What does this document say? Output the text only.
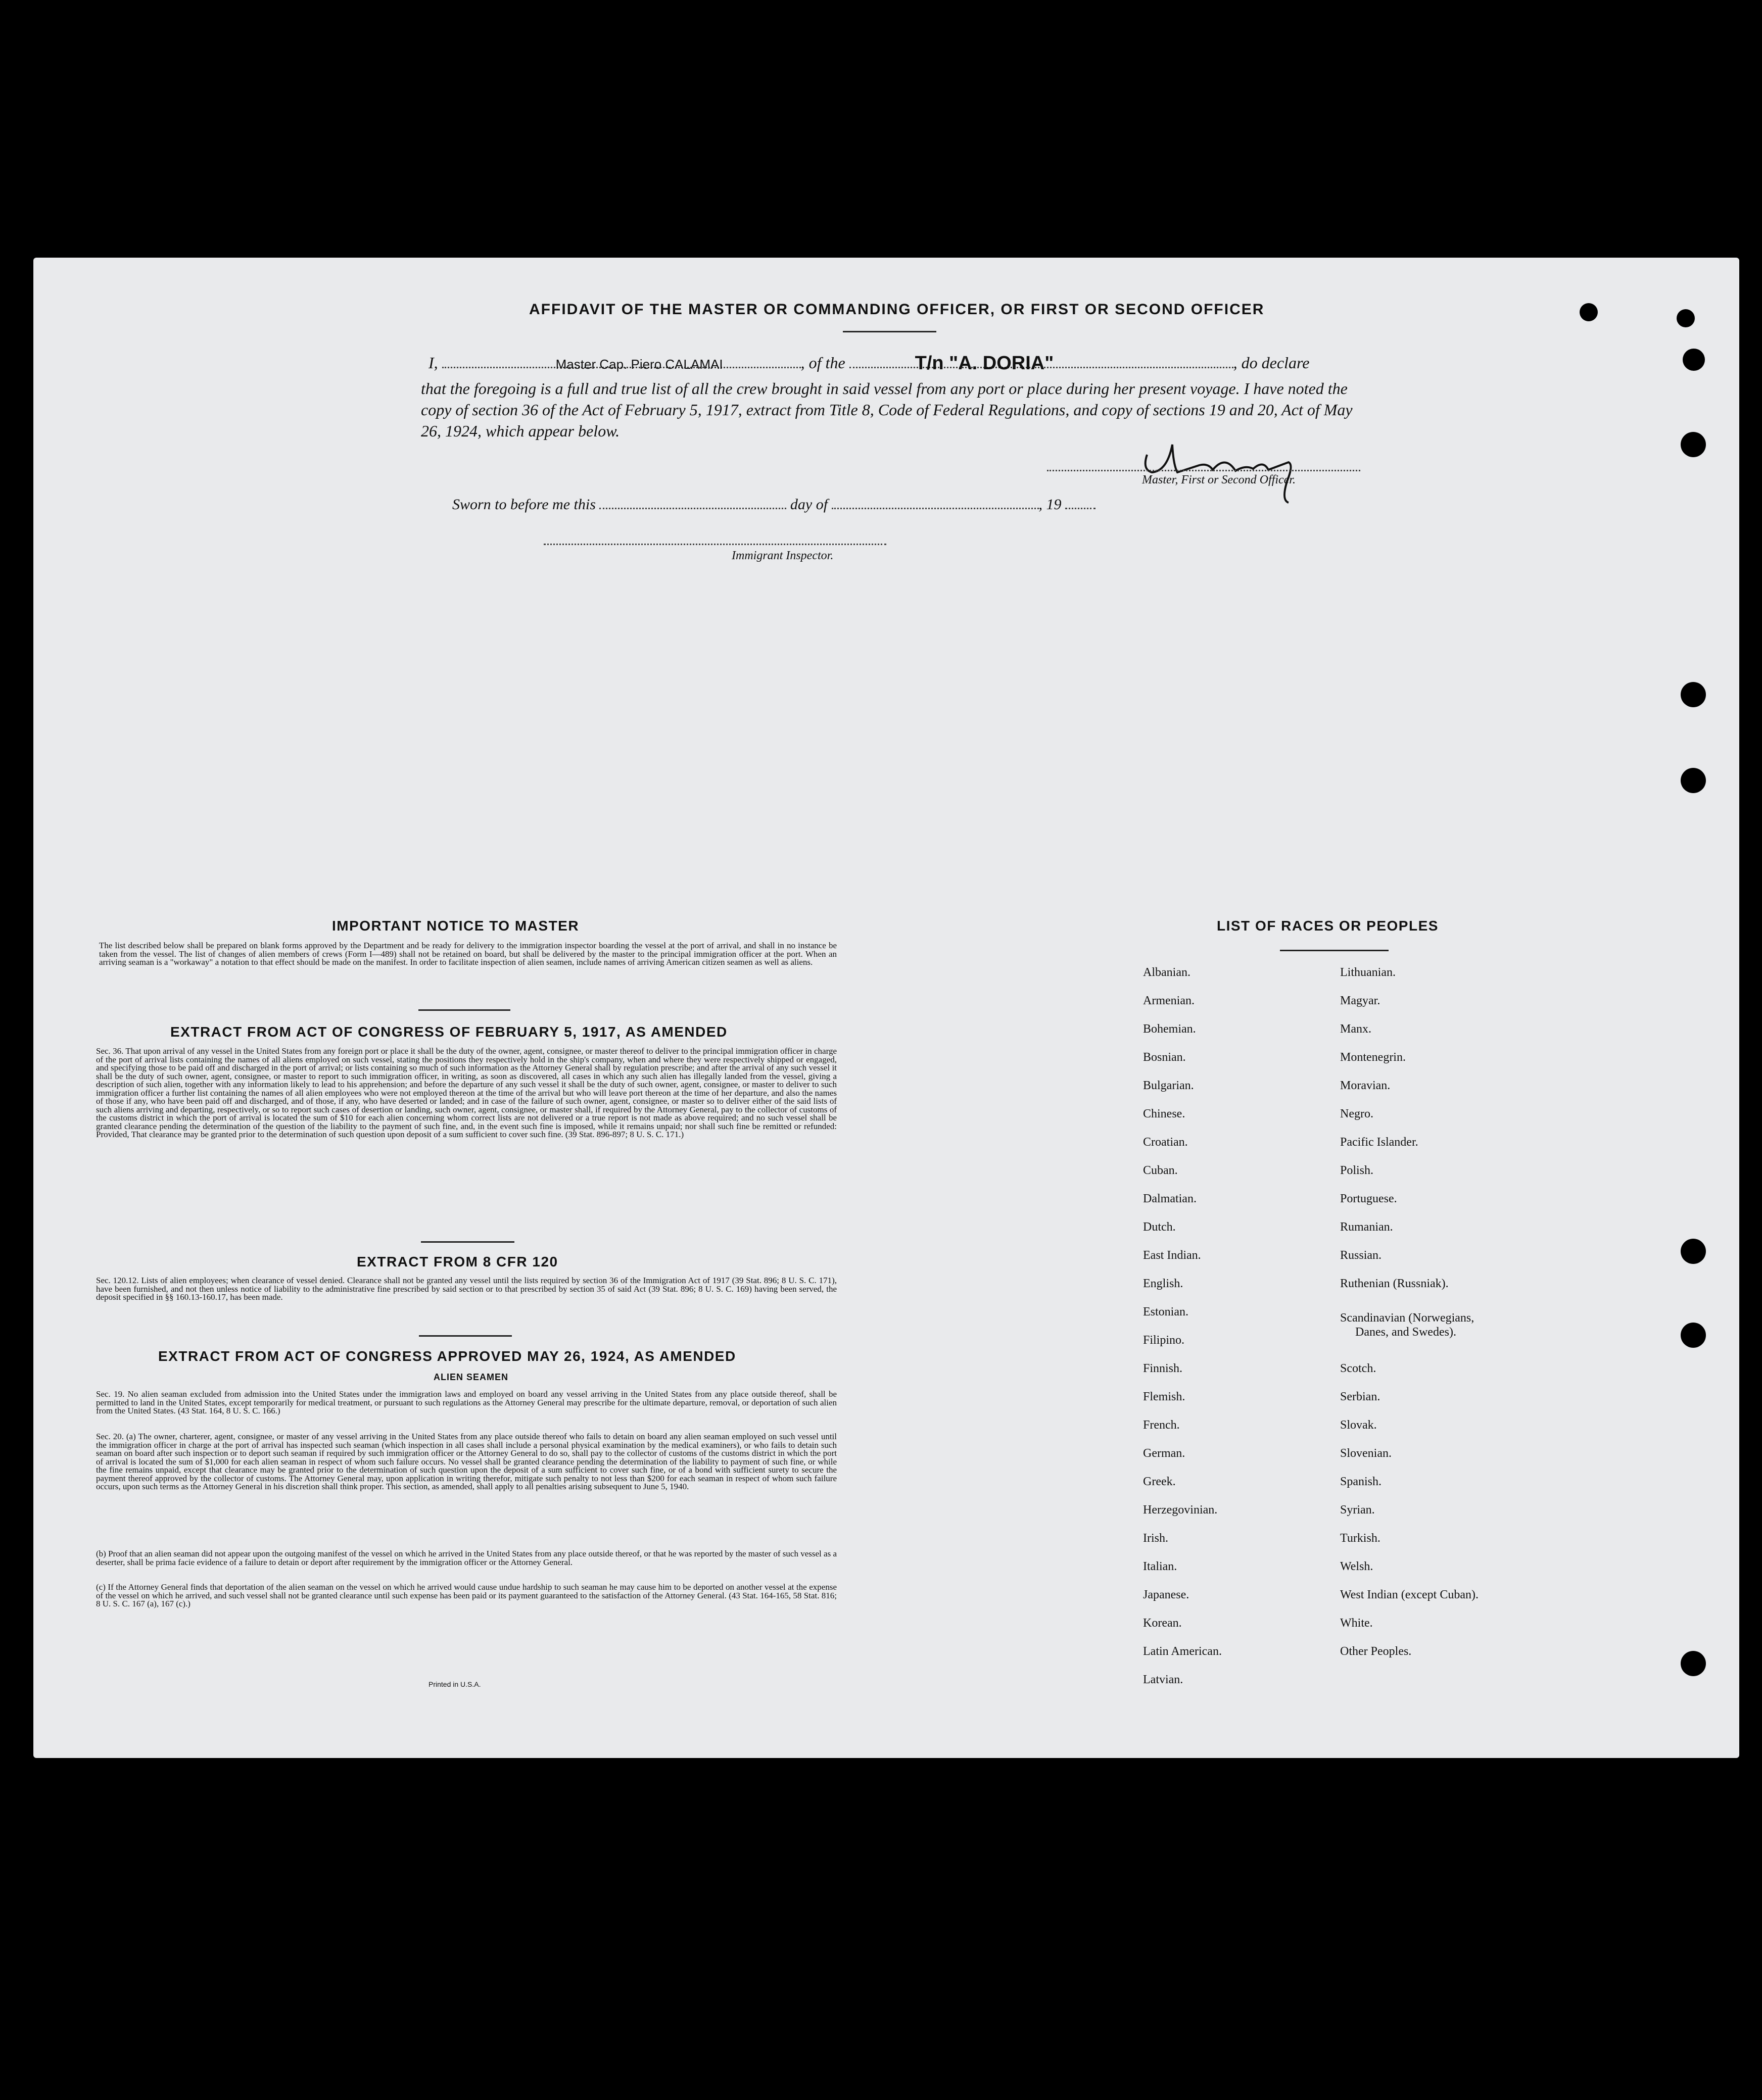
AFFIDAVIT OF THE MASTER OR COMMANDING OFFICER, OR FIRST OR SECOND OFFICER
I,	Master Cap. Piero CALAMAI	, of the	T/n "A. DORIA"	, do declare
that the foregoing is a full and true list of all the crew brought in said vessel from any port or place during her present voyage. I have noted the copy of section 36 of the Act of February 5, 1917, extract from Title 8, Code of Federal Regulations, and copy of sections 19 and 20, Act of May 26, 1924, which appear below.
Master, First or Second Officer.
Sworn to before me this	day of	, 19
Immigrant Inspector.
IMPORTANT NOTICE TO MASTER
The list described below shall be prepared on blank forms approved by the Department and be ready for delivery to the immigration inspector boarding the vessel at the port of arrival, and shall in no instance be taken from the vessel. The list of changes of alien members of crews (Form I—489) shall not be retained on board, but shall be delivered by the master to the principal immigration officer at the port. When an arriving seaman is a "workaway" a notation to that effect should be made on the manifest. In order to facilitate inspection of alien seamen, include names of arriving American citizen seamen as well as aliens.
EXTRACT FROM ACT OF CONGRESS OF FEBRUARY 5, 1917, AS AMENDED
Sec. 36. That upon arrival of any vessel in the United States from any foreign port or place it shall be the duty of the owner, agent, consignee, or master thereof to deliver to the principal immigration officer in charge of the port of arrival lists containing the names of all aliens employed on such vessel, stating the positions they respectively hold in the ship's company, when and where they were respectively shipped or engaged, and specifying those to be paid off and discharged in the port of arrival; or lists containing so much of such information as the Attorney General shall by regulation prescribe; and after the arrival of any such vessel it shall be the duty of such owner, agent, consignee, or master to report to such immigration officer, in writing, as soon as discovered, all cases in which any such alien has illegally landed from the vessel, giving a description of such alien, together with any information likely to lead to his apprehension; and before the departure of any such vessel it shall be the duty of such owner, agent, consignee, or master to deliver to such immigration officer a further list containing the names of all alien employees who were not employed thereon at the time of the arrival but who will leave port thereon at the time of her departure, and also the names of those if any, who have been paid off and discharged, and of those, if any, who have deserted or landed; and in case of the failure of such owner, agent, consignee, or master so to deliver either of the said lists of such aliens arriving and departing, respectively, or so to report such cases of desertion or landing, such owner, agent, consignee, or master shall, if required by the Attorney General, pay to the collector of customs of the customs district in which the port of arrival is located the sum of $10 for each alien concerning whom correct lists are not delivered or a true report is not made as above required; and no such vessel shall be granted clearance pending the determination of the question of the liability to the payment of such fine, and, in the event such fine is imposed, while it remains unpaid; nor shall such fine be remitted or refunded: Provided, That clearance may be granted prior to the determination of such question upon deposit of a sum sufficient to cover such fine. (39 Stat. 896-897; 8 U. S. C. 171.)
EXTRACT FROM 8 CFR 120
Sec. 120.12. Lists of alien employees; when clearance of vessel denied. Clearance shall not be granted any vessel until the lists required by section 36 of the Immigration Act of 1917 (39 Stat. 896; 8 U. S. C. 171), have been furnished, and not then unless notice of liability to the administrative fine prescribed by said section or to that prescribed by section 35 of said Act (39 Stat. 896; 8 U. S. C. 169) having been served, the deposit specified in §§ 160.13-160.17, has been made.
EXTRACT FROM ACT OF CONGRESS APPROVED MAY 26, 1924, AS AMENDED
ALIEN SEAMEN
Sec. 19. No alien seaman excluded from admission into the United States under the immigration laws and employed on board any vessel arriving in the United States from any place outside thereof, shall be permitted to land in the United States, except temporarily for medical treatment, or pursuant to such regulations as the Attorney General may prescribe for the ultimate departure, removal, or deportation of such alien from the United States. (43 Stat. 164, 8 U. S. C. 166.)
Sec. 20. (a) The owner, charterer, agent, consignee, or master of any vessel arriving in the United States from any place outside thereof who fails to detain on board any alien seaman employed on such vessel until the immigration officer in charge at the port of arrival has inspected such seaman (which inspection in all cases shall include a personal physical examination by the medical examiners), or who fails to detain such seaman on board after such inspection or to deport such seaman if required by such immigration officer or the Attorney General to do so, shall pay to the collector of customs of the customs district in which the port of arrival is located the sum of $1,000 for each alien seaman in respect of whom such failure occurs. No vessel shall be granted clearance pending the determination of the liability to payment of such fine, or while the fine remains unpaid, except that clearance may be granted prior to the determination of such question upon the deposit of a sum sufficient to cover such fine, or of a bond with sufficient surety to secure the payment thereof approved by the collector of customs. The Attorney General may, upon application in writing therefor, mitigate such penalty to not less than $200 for each seaman in respect of whom such failure occurs, upon such terms as the Attorney General in his discretion shall think proper. This section, as amended, shall apply to all penalties arising subsequent to June 5, 1940.
(b) Proof that an alien seaman did not appear upon the outgoing manifest of the vessel on which he arrived in the United States from any place outside thereof, or that he was reported by the master of such vessel as a deserter, shall be prima facie evidence of a failure to detain or deport after requirement by the immigration officer or the Attorney General.
(c) If the Attorney General finds that deportation of the alien seaman on the vessel on which he arrived would cause undue hardship to such seaman he may cause him to be deported on another vessel at the expense of the vessel on which he arrived, and such vessel shall not be granted clearance until such expense has been paid or its payment guaranteed to the satisfaction of the Attorney General. (43 Stat. 164-165, 58 Stat. 816; 8 U. S. C. 167 (a), 167 (c).)
Printed in U.S.A.
LIST OF RACES OR PEOPLES
Albanian.
Armenian.
Bohemian.
Bosnian.
Bulgarian.
Chinese.
Croatian.
Cuban.
Dalmatian.
Dutch.
East Indian.
English.
Estonian.
Filipino.
Finnish.
Flemish.
French.
German.
Greek.
Herzegovinian.
Irish.
Italian.
Japanese.
Korean.
Latin American.
Latvian.
Lithuanian.
Magyar.
Manx.
Montenegrin.
Moravian.
Negro.
Pacific Islander.
Polish.
Portuguese.
Rumanian.
Russian.
Ruthenian (Russniak).
Scandinavian (Norwegians,
Danes, and Swedes).
Scotch.
Serbian.
Slovak.
Slovenian.
Spanish.
Syrian.
Turkish.
Welsh.
West Indian (except Cuban).
White.
Other Peoples.
